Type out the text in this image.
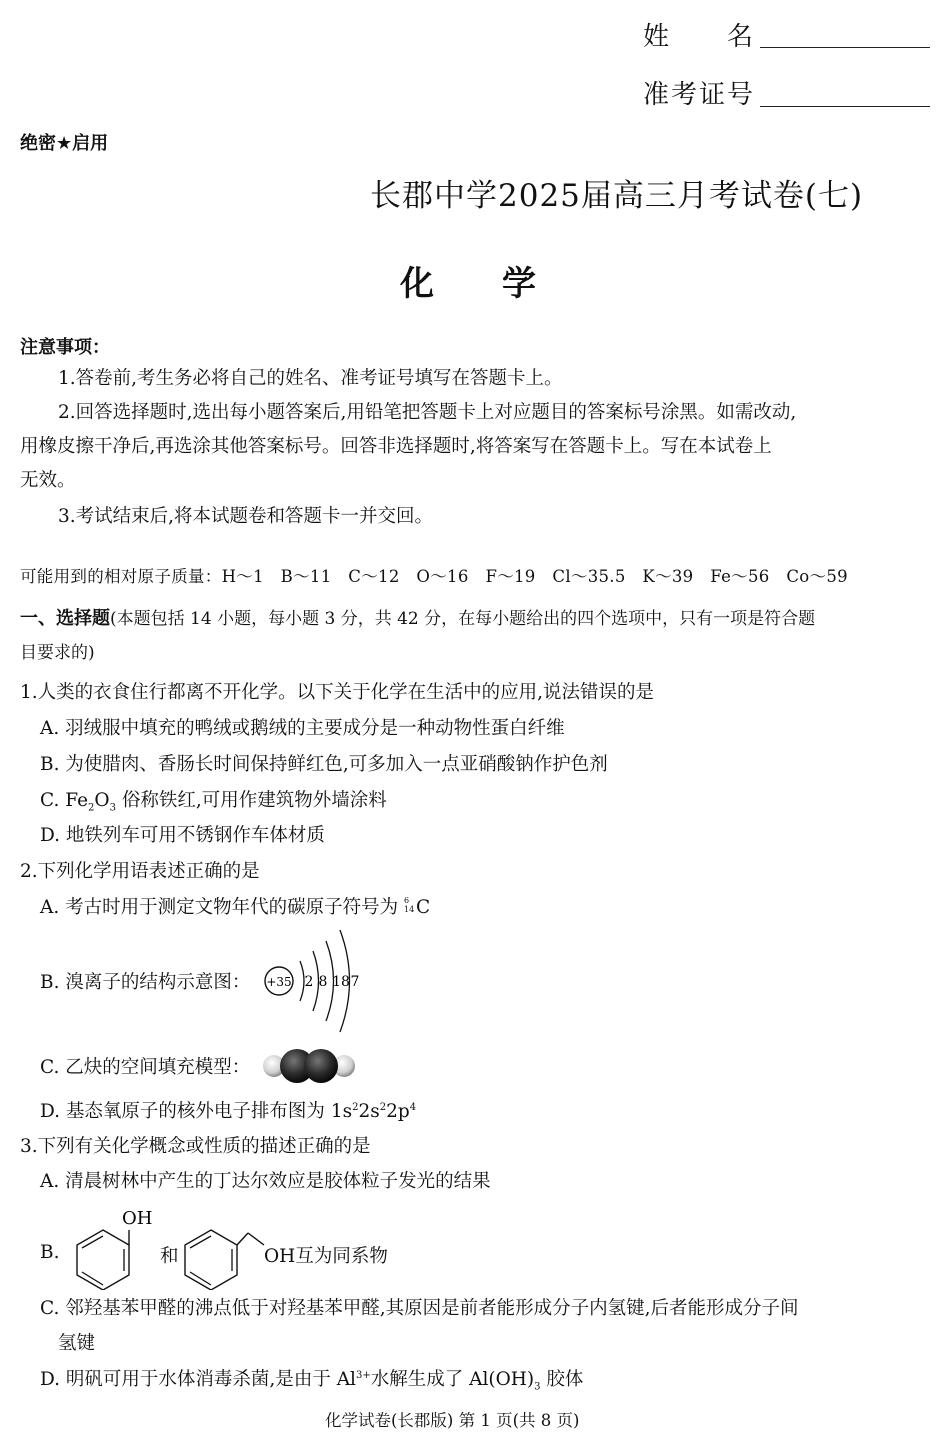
姓　　名
准考证号
绝密★启用
长郡中学2025届高三月考试卷(七)
化　　学
注意事项：
1.答卷前,考生务必将自己的姓名、准考证号填写在答题卡上。
2.回答选择题时,选出每小题答案后,用铅笔把答题卡上对应题目的答案标号涂黑。如需改动,
用橡皮擦干净后,再选涂其他答案标号。回答非选择题时,将答案写在答题卡上。写在本试卷上
无效。
3.考试结束后,将本试题卷和答题卡一并交回。
可能用到的相对原子质量：H～1　B～11　C～12　O～16　F～19　Cl～35.5　K～39　Fe～56　Co～59
一、选择题(本题包括 14 小题，每小题 3 分，共 42 分，在每小题给出的四个选项中，只有一项是符合题
目要求的)
1.人类的衣食住行都离不开化学。以下关于化学在生活中的应用,说法错误的是
A. 羽绒服中填充的鸭绒或鹅绒的主要成分是一种动物性蛋白纤维
B. 为使腊肉、香肠长时间保持鲜红色,可多加入一点亚硝酸钠作护色剂
C. $Fe_2O_3$ 俗称铁红,可用作建筑物外墙涂料
D. 地铁列车可用不锈钢作车体材质
2.下列化学用语表述正确的是
A. 考古时用于测定文物年代的碳原子符号为 6
14 C
B. 溴离子的结构示意图： +35 2 8 18 7
C. 乙炔的空间填充模型：
D. 基态氧原子的核外电子排布图为 $1s^22s^22p^4$
3.下列有关化学概念或性质的描述正确的是
A. 清晨树林中产生的丁达尔效应是胶体粒子发光的结果
B.
OH
和	OH互为同系物
C. 邻羟基苯甲醛的沸点低于对羟基苯甲醛,其原因是前者能形成分子内氢键,后者能形成分子间
氢键
D. 明矾可用于水体消毒杀菌,是由于 $Al^{3+}$水解生成了 $Al(OH)_3$ 胶体
化学试卷(长郡版) 第 1 页(共 8 页)
